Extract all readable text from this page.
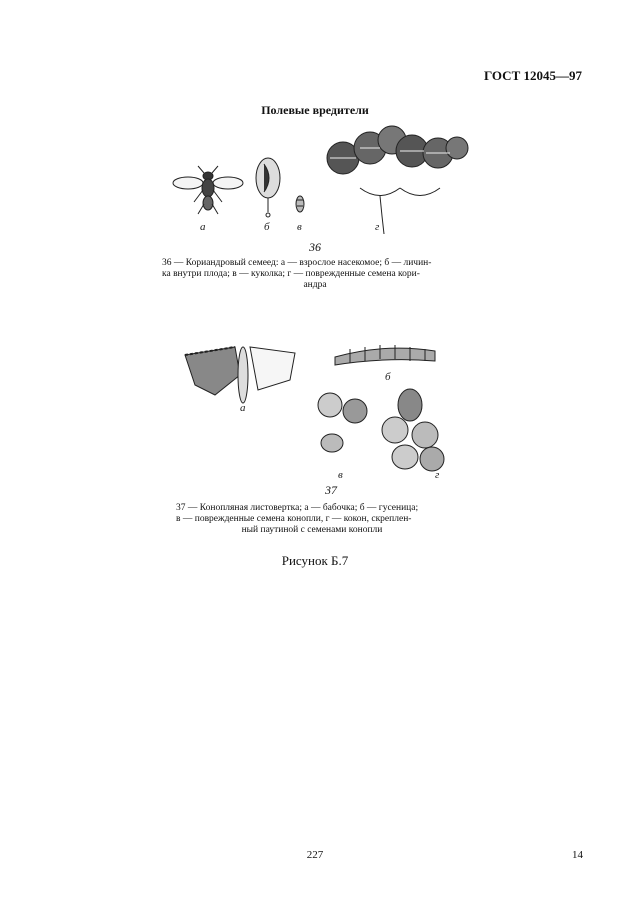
ГОСТ 12045—97
Полевые вредители
а	б в	г
36
36 — Кориандровый семеед: а — взрослое насекомое; б — личин-
ка внутри плода; в — куколка; г — поврежденные семена кори-
андра
а
б
в	г
37
37 — Конопляная листовертка; а — бабочка; б — гусеница;
в — поврежденные семена конопли, г — кокон, скреплен-
ный паутиной с семенами конопли
Рисунок Б.7
227	14
